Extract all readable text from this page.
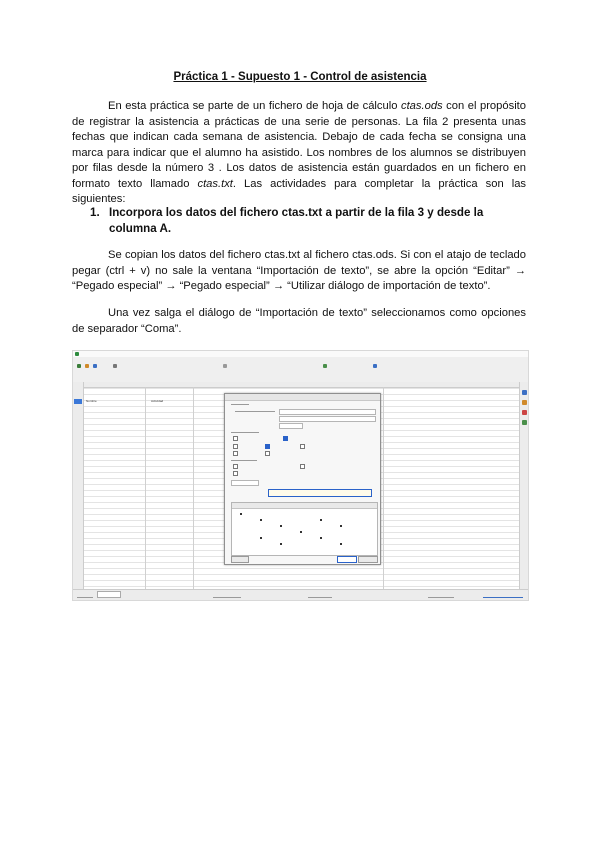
Práctica 1 - Supuesto 1 - Control de asistencia

En esta práctica se parte de un fichero de hoja de cálculo ctas.ods con el propósito de registrar la asistencia a prácticas de una serie de personas. La fila 2 presenta unas fechas que indican cada semana de asistencia. Debajo de cada fecha se consigna una marca para indicar que el alumno ha asistido. Los nombres de los alumnos se distribuyen por filas desde la número 3 . Los datos de asistencia están guardados en un fichero en formato texto llamado ctas.txt. Las actividades para completar la práctica son las siguientes:

1. Incorpora los datos del fichero ctas.txt a partir de la fila 3 y desde la columna A.

Se copian los datos del fichero ctas.txt al fichero ctas.ods. Si con el atajo de teclado pegar (ctrl + v) no sale la ventana “Importación de texto”, se abre la opción “Editar” → “Pegado especial” → “Pegado especial” → “Utilizar diálogo de importación de texto”.

Una vez salga el diálogo de “Importación de texto” seleccionamos como opciones de separador “Coma”.

Nombre	Actividad
